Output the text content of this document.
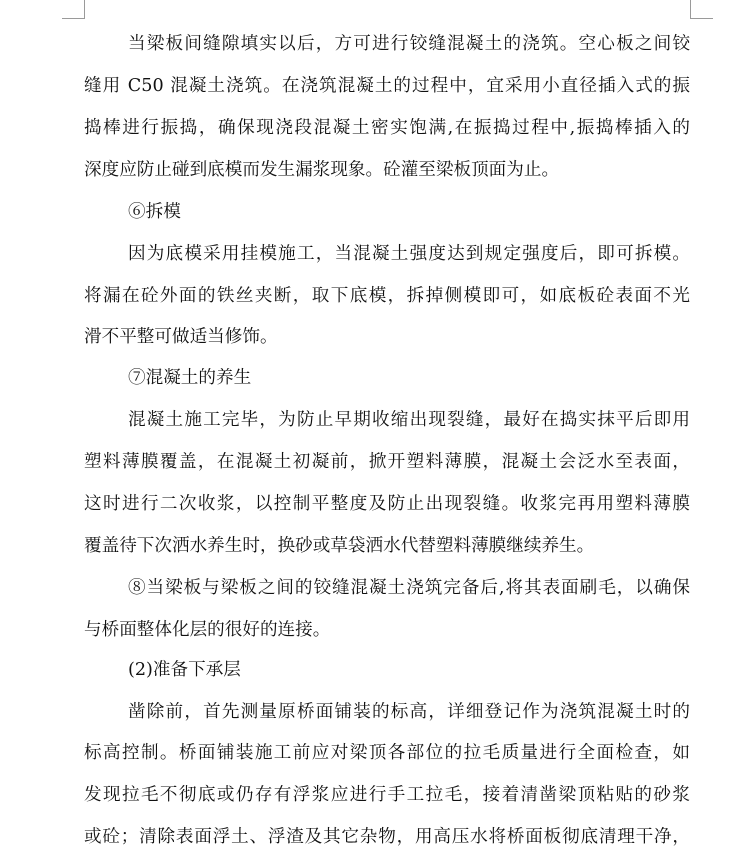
当梁板间缝隙填实以后，方可进行铰缝混凝土的浇筑。空心板之间铰
缝用 C50 混凝土浇筑。在浇筑混凝土的过程中，宜采用小直径插入式的振
捣棒进行振捣，确保现浇段混凝土密实饱满,在振捣过程中,振捣棒插入的
深度应防止碰到底模而发生漏浆现象。砼灌至梁板顶面为止。
⑥拆模
因为底模采用挂模施工，当混凝土强度达到规定强度后，即可拆模。
将漏在砼外面的铁丝夹断，取下底模，拆掉侧模即可，如底板砼表面不光
滑不平整可做适当修饰。
⑦混凝土的养生
混凝土施工完毕，为防止早期收缩出现裂缝，最好在捣实抹平后即用
塑料薄膜覆盖，在混凝土初凝前，掀开塑料薄膜，混凝土会泛水至表面，
这时进行二次收浆，以控制平整度及防止出现裂缝。收浆完再用塑料薄膜
覆盖待下次洒水养生时，换砂或草袋洒水代替塑料薄膜继续养生。
⑧当梁板与梁板之间的铰缝混凝土浇筑完备后,将其表面刷毛，以确保
与桥面整体化层的很好的连接。
(2)准备下承层
凿除前，首先测量原桥面铺装的标高，详细登记作为浇筑混凝土时的
标高控制。桥面铺装施工前应对梁顶各部位的拉毛质量进行全面检查，如
发现拉毛不彻底或仍存有浮浆应进行手工拉毛，接着清凿梁顶粘贴的砂浆
或砼；清除表面浮土、浮渣及其它杂物，用高压水将桥面板彻底清理干净，
